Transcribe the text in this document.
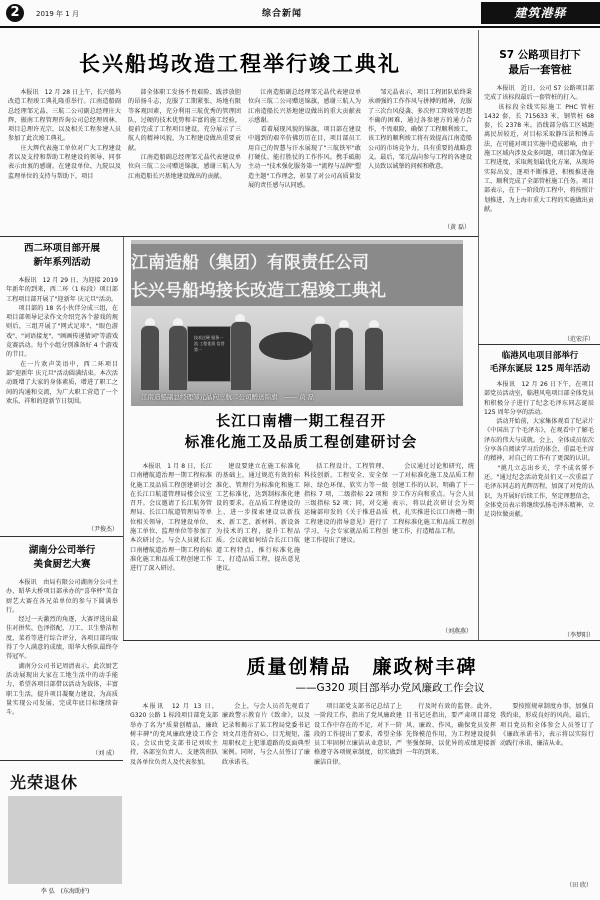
2	2019 年 1 月	综合新闻	建筑港驿
长兴船坞改造工程举行竣工典礼
本报讯　12 月 28 日上午，长兴船坞改造工程竣工典礼隆重举行。江南造船副总经理邹元晶、三航二公司副总经理庄大辉、振南工程管理咨询公司总经理周林、项目总理许光宗，以及相关工程参建人员参加了此次竣工典礼。
　　庄大辉代表施工单位对广大工程建设者以及支持和帮助工程建设的领导、同事表示由衷的感谢。在建设单位、九院以及监理单位的支持与帮助下，项目
部全体职工发扬不畏艰险、跋涉放胆的昂扬斗志，克服了工期紧张、场地有限等客观因素，充分利用三航优秀的管理团队，过硬的技术优势和丰富的施工经验，提前完成了工程项目建设，充分展示了三航人的精神风貌，为工程建设做出重要贡献。
　　江南造船副总经理邹元晶代表建设单位向三航二公司赠送锦旗，感谢三航人为江南造船长兴基地建设做出的贡献。
江南造船副总经理邹元晶代表建设单位向三航二公司赠送锦旗，感谢三航人为江南造船长兴基地建设做出的重大贡献表示感谢。
　　看着展现风貌的锦旗，项目部在建设中遇到的艰辛仿佛历历在目，项目部员工用自己的智慧与汗水展现了"三航铁军"敢打硬仗、能打胜仗的工作作风。携手砥砺主动一"技术强化服务第一"流程与品牌"塑造主题"工作理念，彰显了对公司高质量发展的责任感与认同感。
邹元晶表示，项目工程团队始终秉承顽强的工作作风与拼搏的精神，克服了三次台风侵袭、多次停工降坡等思想不确的困难，通过各参建方的通力合作，不畏艰险，确保了工程顺利竣工，该工程的顺利竣工将有效提高江南造船公司的市场竞争力，具有重要的战略意义。最后，邹元晶向参与工程的各建设人员致以诚挚的问候和敬意。
（黄 磊）
S7 公路项目打下
最后一套管桩
本报讯　近日，公司 S7 公路项目部完成了该标段最后一套管桩的打入。
　　该标段全线实际施工 PHC 管桩 1432 套，长 715633 米，钢管桩 68 套，长 2378 米。沿线部分临工区城距离民居较近，对目标采取静压法和锤击法，在可能对项目实施中造成影响，由于施工区域内涉及众多问题，项目部为保证工程进度，采取规划最优化方案，从现场实际出发，逐项不断推进，积极推进施工，顺利完成了全部管桩施工任务。项目部表示，在下一阶段的工程中，将按照计划推进，为上海市重大工程的实施做出贡献。
（范宏洋）
临港风电项目部举行
毛泽东诞辰 125 周年活动
本报讯　12 月 26 日下午，在项目部党员活动室，临港风电项目部全体党员和积极分子进行了纪念毛泽东同志诞辰 125 周年分享的活动。
　　活动开始前，大家集体观看了纪录片《中国出了个毛泽东》，在观看中了解毛泽东的伟大与成就。会上，全体成员依次分享各自阅读学习后的体会，重温毛主席的精神，对自己的工作有了更深的认识。
　　"挑几立志出乡关，学不成名誓不还。"通过纪念活动党员们又一次重温了毛泽东同志的光辉历程，加深了对党的认识，为开展好后续工作，坚定理想信念，全体党员表示将继续弘扬毛泽东精神，立足岗位做贡献。
（李梦阳）
西二环项目部开展
新年系列活动
本报讯　12 月 29 日，为迎接 2019 年新年的到来，西二环（1 标段）项目部工程项目部开展了"迎新年 庆元旦"活动。
　　项目部的 18 名小伙伴分成三组，在项目部领导记录作文介绍完各个游戏的规则后，三组开展了"网式足球"、"眼色游戏"、"词语接龙"、"画画传递猜词"等游戏竞赛活动。每个小组分别准备好 4 个游戏的节目。
　　在一片欢声笑语中，西二环项目部"迎新年 庆元旦"活动圆满结束。本次活动既增了大家的身体素质，增进了职工之间的沟通和交流，为广大职工营造了一个欢乐、祥和的迎新节日氛围。
（尹俊杰）
湖南分公司举行
美食厨艺大赛
本报讯　由局有限公司湖南分公司主办，昭华大桥项目部承办的"喜华杯"美食厨艺大赛在各兄弟单位的参与下圆满举行。
　　经过一天激烈的角逐，大赛评选出最佳对拼奖、色泽搭配、刀工、卫生整洁程度、菜肴等进行综合评分，各项目部均取得了令人满意的成绩，昭华大桥队最终夺得冠军。
　　湖南分公司书记周清表示，此次厨艺活动展现出大家在工地生活中的动手能力，希望各项目部借以活动为载体，丰富职工生活，提升项目凝聚力建设，为高质量实现公司发展、完成年底目标继续奋斗。
（刘 成）
光荣退休
李 弘　(东海助护)
江南造船（集团）有限责任公司
长兴号船坞接长改造工程竣工典礼
技术过硬 服务一流 工程优质 信誉第一
江南造船副总经理邹元晶向三航二公司赠送锦旗　—— 黄 磊
长江口南槽一期工程召开
标准化施工及品质工程创建研讨会
本报讯　1 月 8 日，长江口南槽航道治理一期工程标准化施工及品质工程创建研讨会在长江口航道管理局楼会议室召开。会议邀请了长江航务管理局、长江口航道管理局等单位相关领导，工程建设单位、施工单位、监理单位等参加了本次研讨会。与会人员就长江口南槽航道治理一期工程的标准化施工和品质工程创建工作进行了深入研讨。
建设要建立在施工标准化的基础上，通过规范有效的标准化、管理行为标准化和施工工艺标准化，达到制标准化建设的要求。在品质工程建设的上，进一步探索建设以新技术、新工艺、新材料、新设备为技术的工程，提升工程品质。会议就如何结合长江口航道工程特点，推行标准化施工，打造品质工程，提出意见建议。
括工程设计、工程管理、科技创新、工程安全、安全保障、绿色环保、软实力等一级指标 7 项，二级指标 22 项和三级指标 52 项；同，对交通运输部印发的《关于推进品质工程建设的指导意见》进行了学习，与会专家就品质工程创建工作提出了建议。
会议通过讨论和研究，统一了对标准化施工及品质工程创建工作的认识，明确了下一步工作方向和重点。与会人员表示，将以此次研讨会为契机，扎实推进长江口南槽一期工程标准化施工和品质工程创建工作，打造精品工程。
（刘燕燕）
质量创精品　廉政树丰碑
——G320 项目部举办党风廉政工作会议
本报讯　12 月 13 日，G320 公路 1 标段项目部党支部举办了名为"质量创精品，廉政树丰碑"的党风廉政建设工作会议。会议由党支部书记刘吹主持，各部室负责人、支建筑班队及各单位负责人及代表参加。
会上，与会人员首先观看了廉政警示教育片《致命》，以及记录和揭示了某工程局党委书记刘文昌违背初心，目无规矩，滥用职权走上犯罪道路的反面典型案例。同时，与会人员签订了廉政承诺书。
项目部党支部书记总结了上一阶段工作，指出了党风廉政建设工作中存在的不足，对下一阶段的工作提出了要求，希望全体员工牢固树立廉洁从业意识，严格遵守各项规章制度，切实做到廉洁自律。
行及时有效的监督。此外，目书记还指出，要严肃项目部党风、廉政、作风，确保党员发挥先锋模范作用，为工程建设提供坚强保障，以优异的成绩迎接新一年的到来。
要按照规章制度办事，加强自我约束，形成良好的风尚。最后，项目党员和全体参会人员签订了《廉政承诺书》，表示将以实际行动践行承诺，廉洁从业。
（田 欣）
